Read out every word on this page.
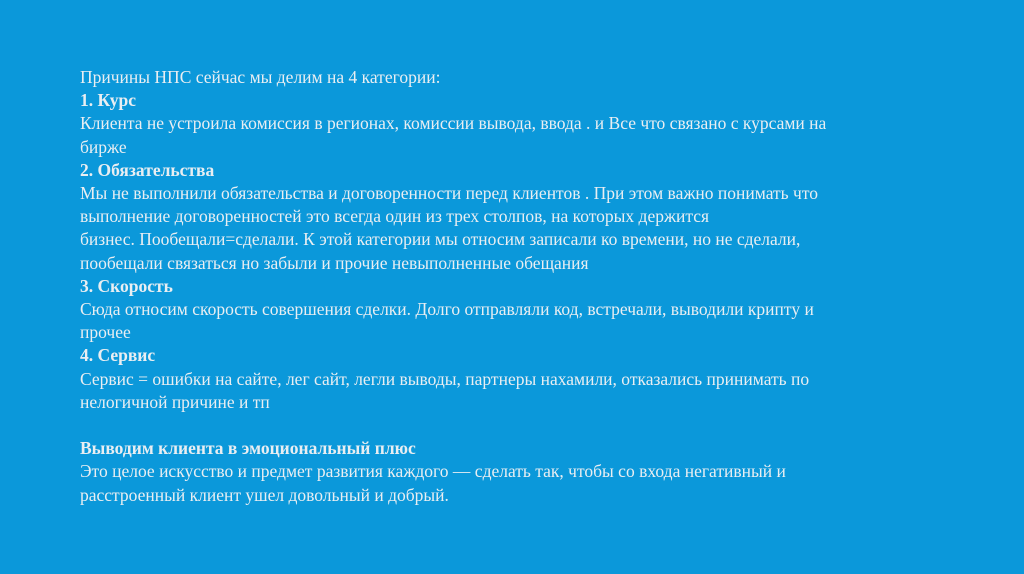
Причины НПС сейчас мы делим на 4 категории:
1. Курс
Клиента не устроила комиссия в регионах, комиссии вывода, ввода . и Все что связано с курсами на
бирже
2. Обязательства
Мы не выполнили обязательства и договоренности перед клиентов . При этом важно понимать что
выполнение договоренностей это всегда один из трех столпов, на которых держится
бизнес. Пообещали=сделали. К этой категории мы относим записали ко времени, но не сделали,
пообещали связаться но забыли и прочие невыполненные обещания
3. Скорость
Сюда относим скорость совершения сделки. Долго отправляли код, встречали, выводили крипту и
прочее
4. Сервис
Сервис = ошибки на сайте, лег сайт, легли выводы, партнеры нахамили, отказались принимать по
нелогичной причине и тп
Выводим клиента в эмоциональный плюс
Это целое искусство и предмет развития каждого — сделать так, чтобы со входа негативный и
расстроенный клиент ушел довольный и добрый.
